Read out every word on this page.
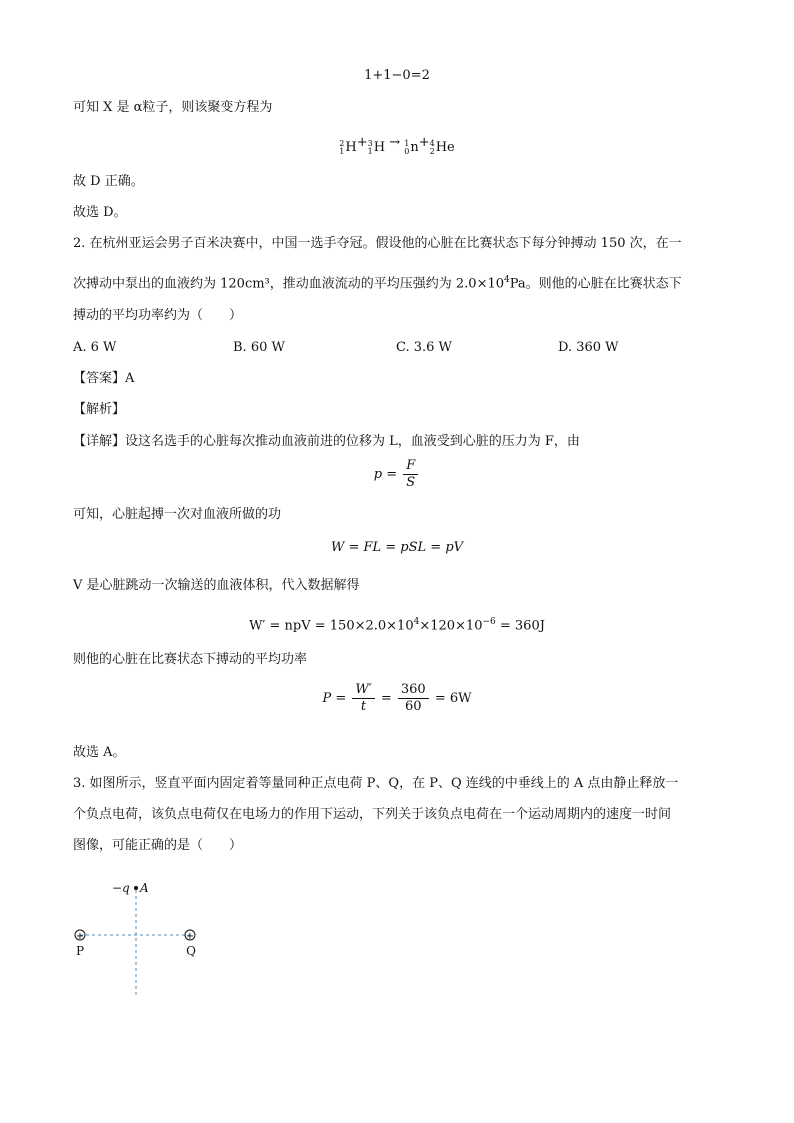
1+1−0=2
可知 X 是 α粒子，则该聚变方程为
2
1 H + 3
1 H → 1
0 n + 4
2 He
故 D 正确。
故选 D。
2. 在杭州亚运会男子百米决赛中，中国一选手夺冠。假设他的心脏在比赛状态下每分钟搏动 150 次，在一
次搏动中泵出的血液约为 120cm³，推动血液流动的平均压强约为 $2.0\times 10^4Pa$。则他的心脏在比赛状态下
搏动的平均功率约为（　　）
A. 6 W	B. 60 W	C. 3.6 W	D. 360 W
【答案】A
【解析】
【详解】设这名选手的心脏每次推动血液前进的位移为 L，血液受到心脏的压力为 F，由
$p = \frac{F}{S}$
可知，心脏起搏一次对血液所做的功
W = FL = pSL = pV
V 是心脏跳动一次输送的血液体积，代入数据解得
W′ = npV = $150\times 2.0\times 10^4\times 120\times 10^{-6} = 360J$
则他的心脏在比赛状态下搏动的平均功率
$P = \frac{W'}{t} = \frac{360}{60} = 6W$
故选 A。
3. 如图所示，竖直平面内固定着等量同种正点电荷 P、Q，在 P、Q 连线的中垂线上的 A 点由静止释放一
个负点电荷，该负点电荷仅在电场力的作用下运动，下列关于该负点电荷在一个运动周期内的速度一时间
图像，可能正确的是（　　）
−q A
+	+
P	Q
